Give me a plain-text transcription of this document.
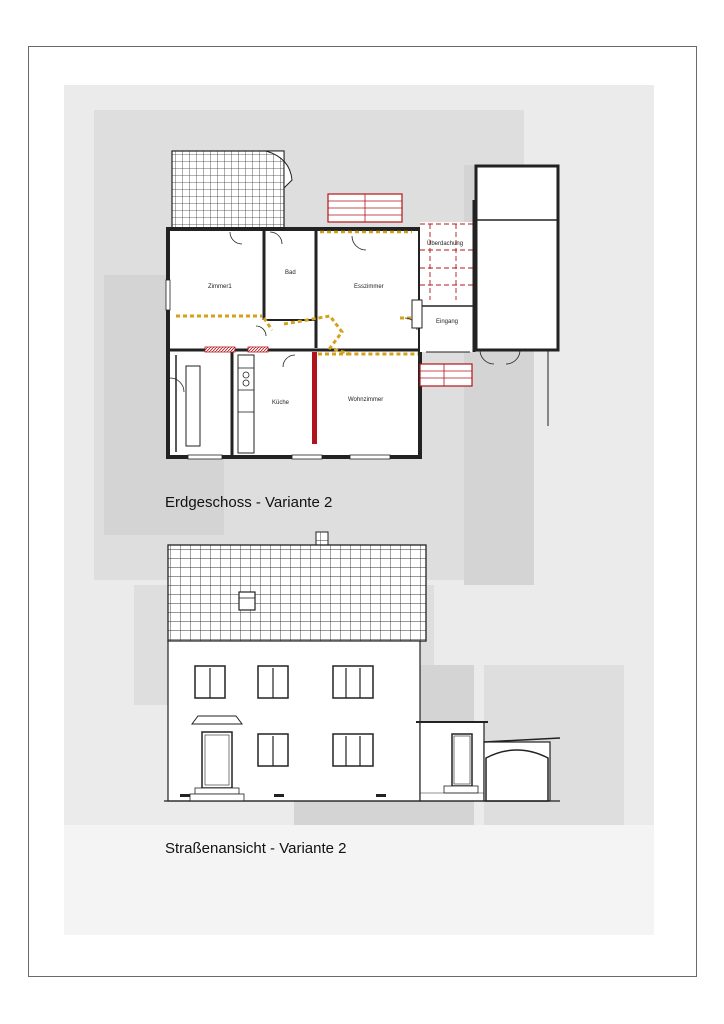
Zimmer1
Bad
Esszimmer
Überdachung
Eingang
Küche	Wohnzimmer
Erdgeschoss - Variante 2
Straßenansicht - Variante 2
